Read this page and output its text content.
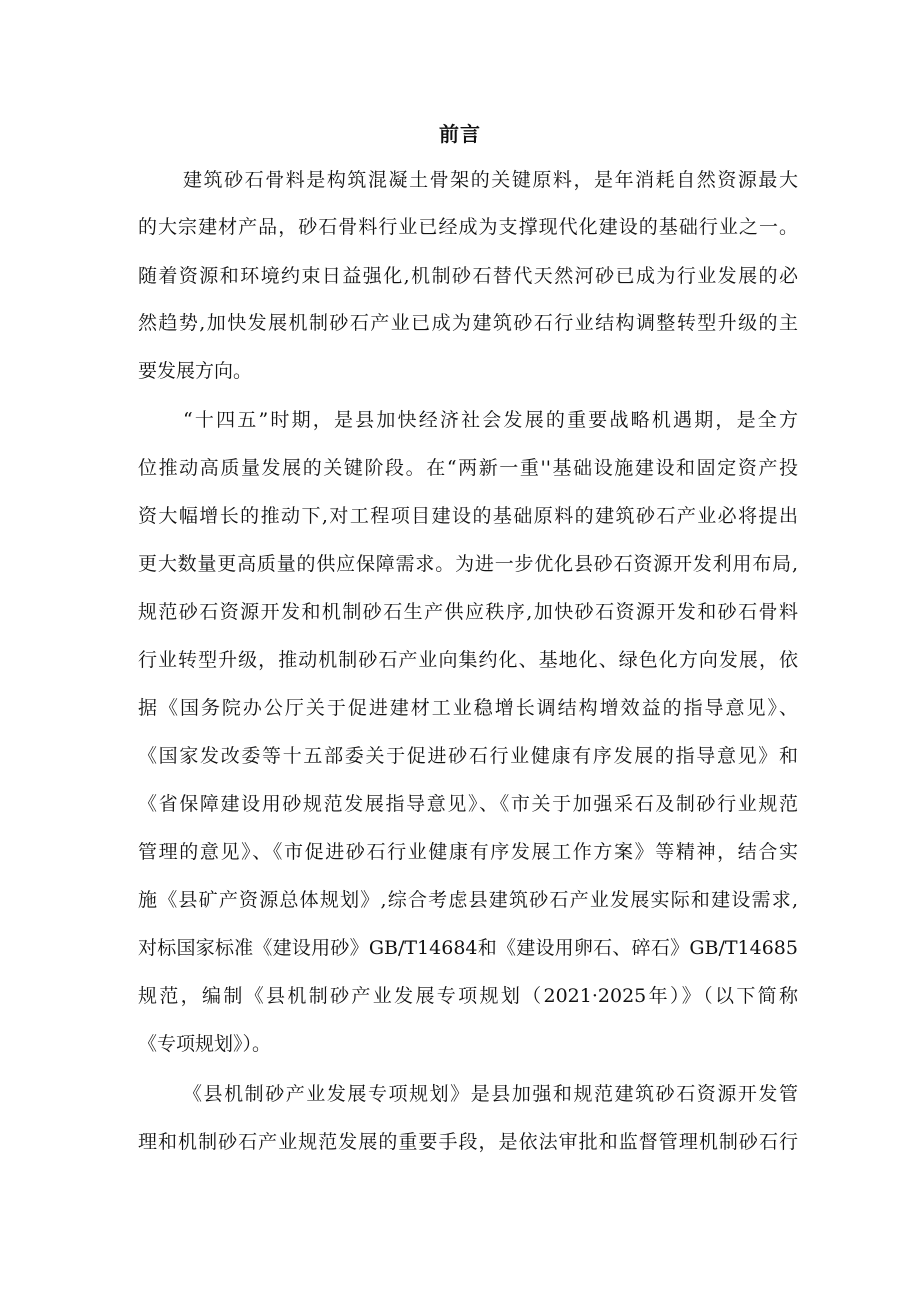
前言
建筑砂石骨料是构筑混凝土骨架的关键原料，是年消耗自然资源最大
的大宗建材产品，砂石骨料行业已经成为支撑现代化建设的基础行业之一。
随着资源和环境约束日益强化,机制砂石替代天然河砂已成为行业发展的必
然趋势,加快发展机制砂石产业已成为建筑砂石行业结构调整转型升级的主
要发展方向。
“十四五”时期，是县加快经济社会发展的重要战略机遇期，是全方
位推动高质量发展的关键阶段。在“两新一重''基础设施建设和固定资产投
资大幅增长的推动下,对工程项目建设的基础原料的建筑砂石产业必将提出
更大数量更高质量的供应保障需求。为进一步优化县砂石资源开发利用布局,
规范砂石资源开发和机制砂石生产供应秩序,加快砂石资源开发和砂石骨料
行业转型升级，推动机制砂石产业向集约化、基地化、绿色化方向发展，依
据《国务院办公厅关于促进建材工业稳增长调结构增效益的指导意见》、
《国家发改委等十五部委关于促进砂石行业健康有序发展的指导意见》和
《省保障建设用砂规范发展指导意见》、《市关于加强采石及制砂行业规范
管理的意见》、《市促进砂石行业健康有序发展工作方案》等精神，结合实
施《县矿产资源总体规划》,综合考虑县建筑砂石产业发展实际和建设需求,
对标国家标准《建设用砂》GB/T14684和《建设用卵石、碎石》GB/T14685
规范，编制《县机制砂产业发展专项规划（2021·2025年）》（以下简称
《专项规划》）。
《县机制砂产业发展专项规划》是县加强和规范建筑砂石资源开发管
理和机制砂石产业规范发展的重要手段，是依法审批和监督管理机制砂石行
